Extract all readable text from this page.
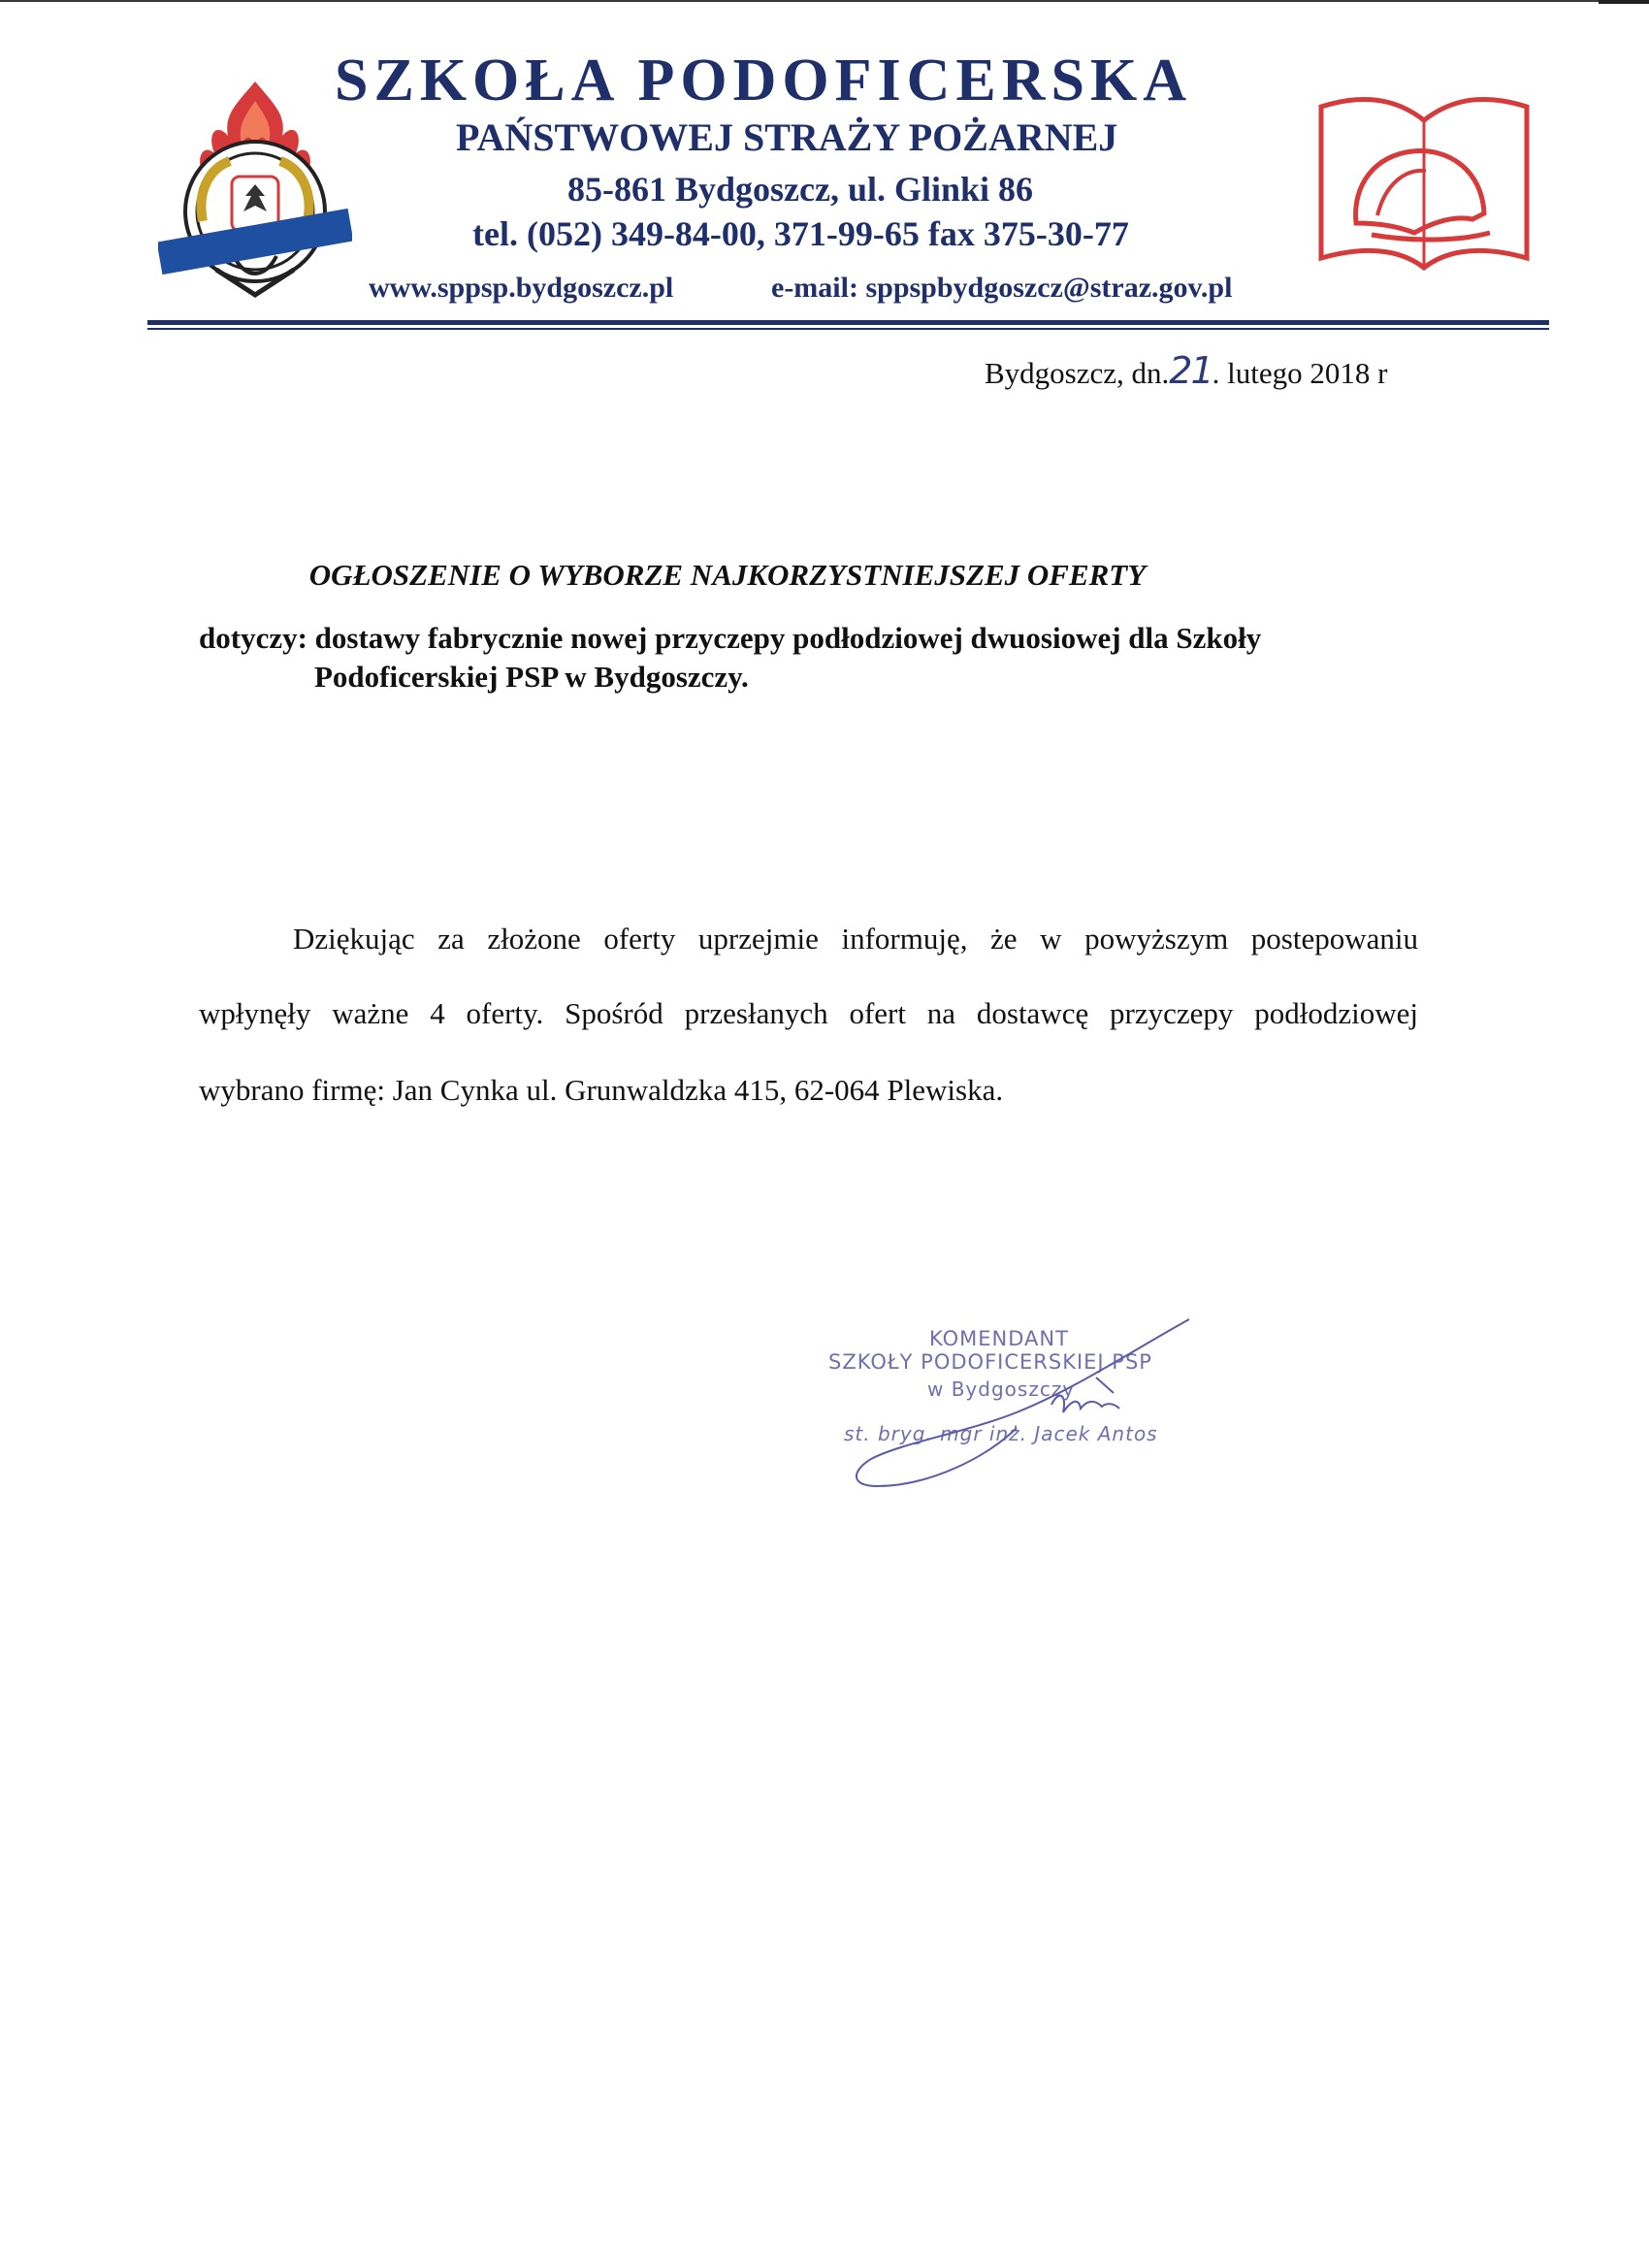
SZKOŁA PODOFICERSKA
PAŃSTWOWEJ STRAŻY POŻARNEJ
85-861 Bydgoszcz, ul. Glinki 86
tel. (052) 349-84-00, 371-99-65 fax 375-30-77
www.sppsp.bydgoszcz.pl	e-mail: sppspbydgoszcz@straz.gov.pl
Bydgoszcz, dn.21. lutego 2018 r
OGŁOSZENIE O WYBORZE NAJKORZYSTNIEJSZEJ OFERTY
dotyczy: dostawy fabrycznie nowej przyczepy podłodziowej dwuosiowej dla Szkoły
Podoficerskiej PSP w Bydgoszczy.
Dziękując za złożone oferty uprzejmie informuję, że w powyższym postepowaniu
wpłynęły ważne 4 oferty. Spośród przesłanych ofert na dostawcę przyczepy podłodziowej
wybrano firmę: Jan Cynka ul. Grunwaldzka 415, 62-064 Plewiska.
KOMENDANT
SZKOŁY PODOFICERSKIEJ PSP
w Bydgoszczy
st. bryg. mgr inż. Jacek Antos
